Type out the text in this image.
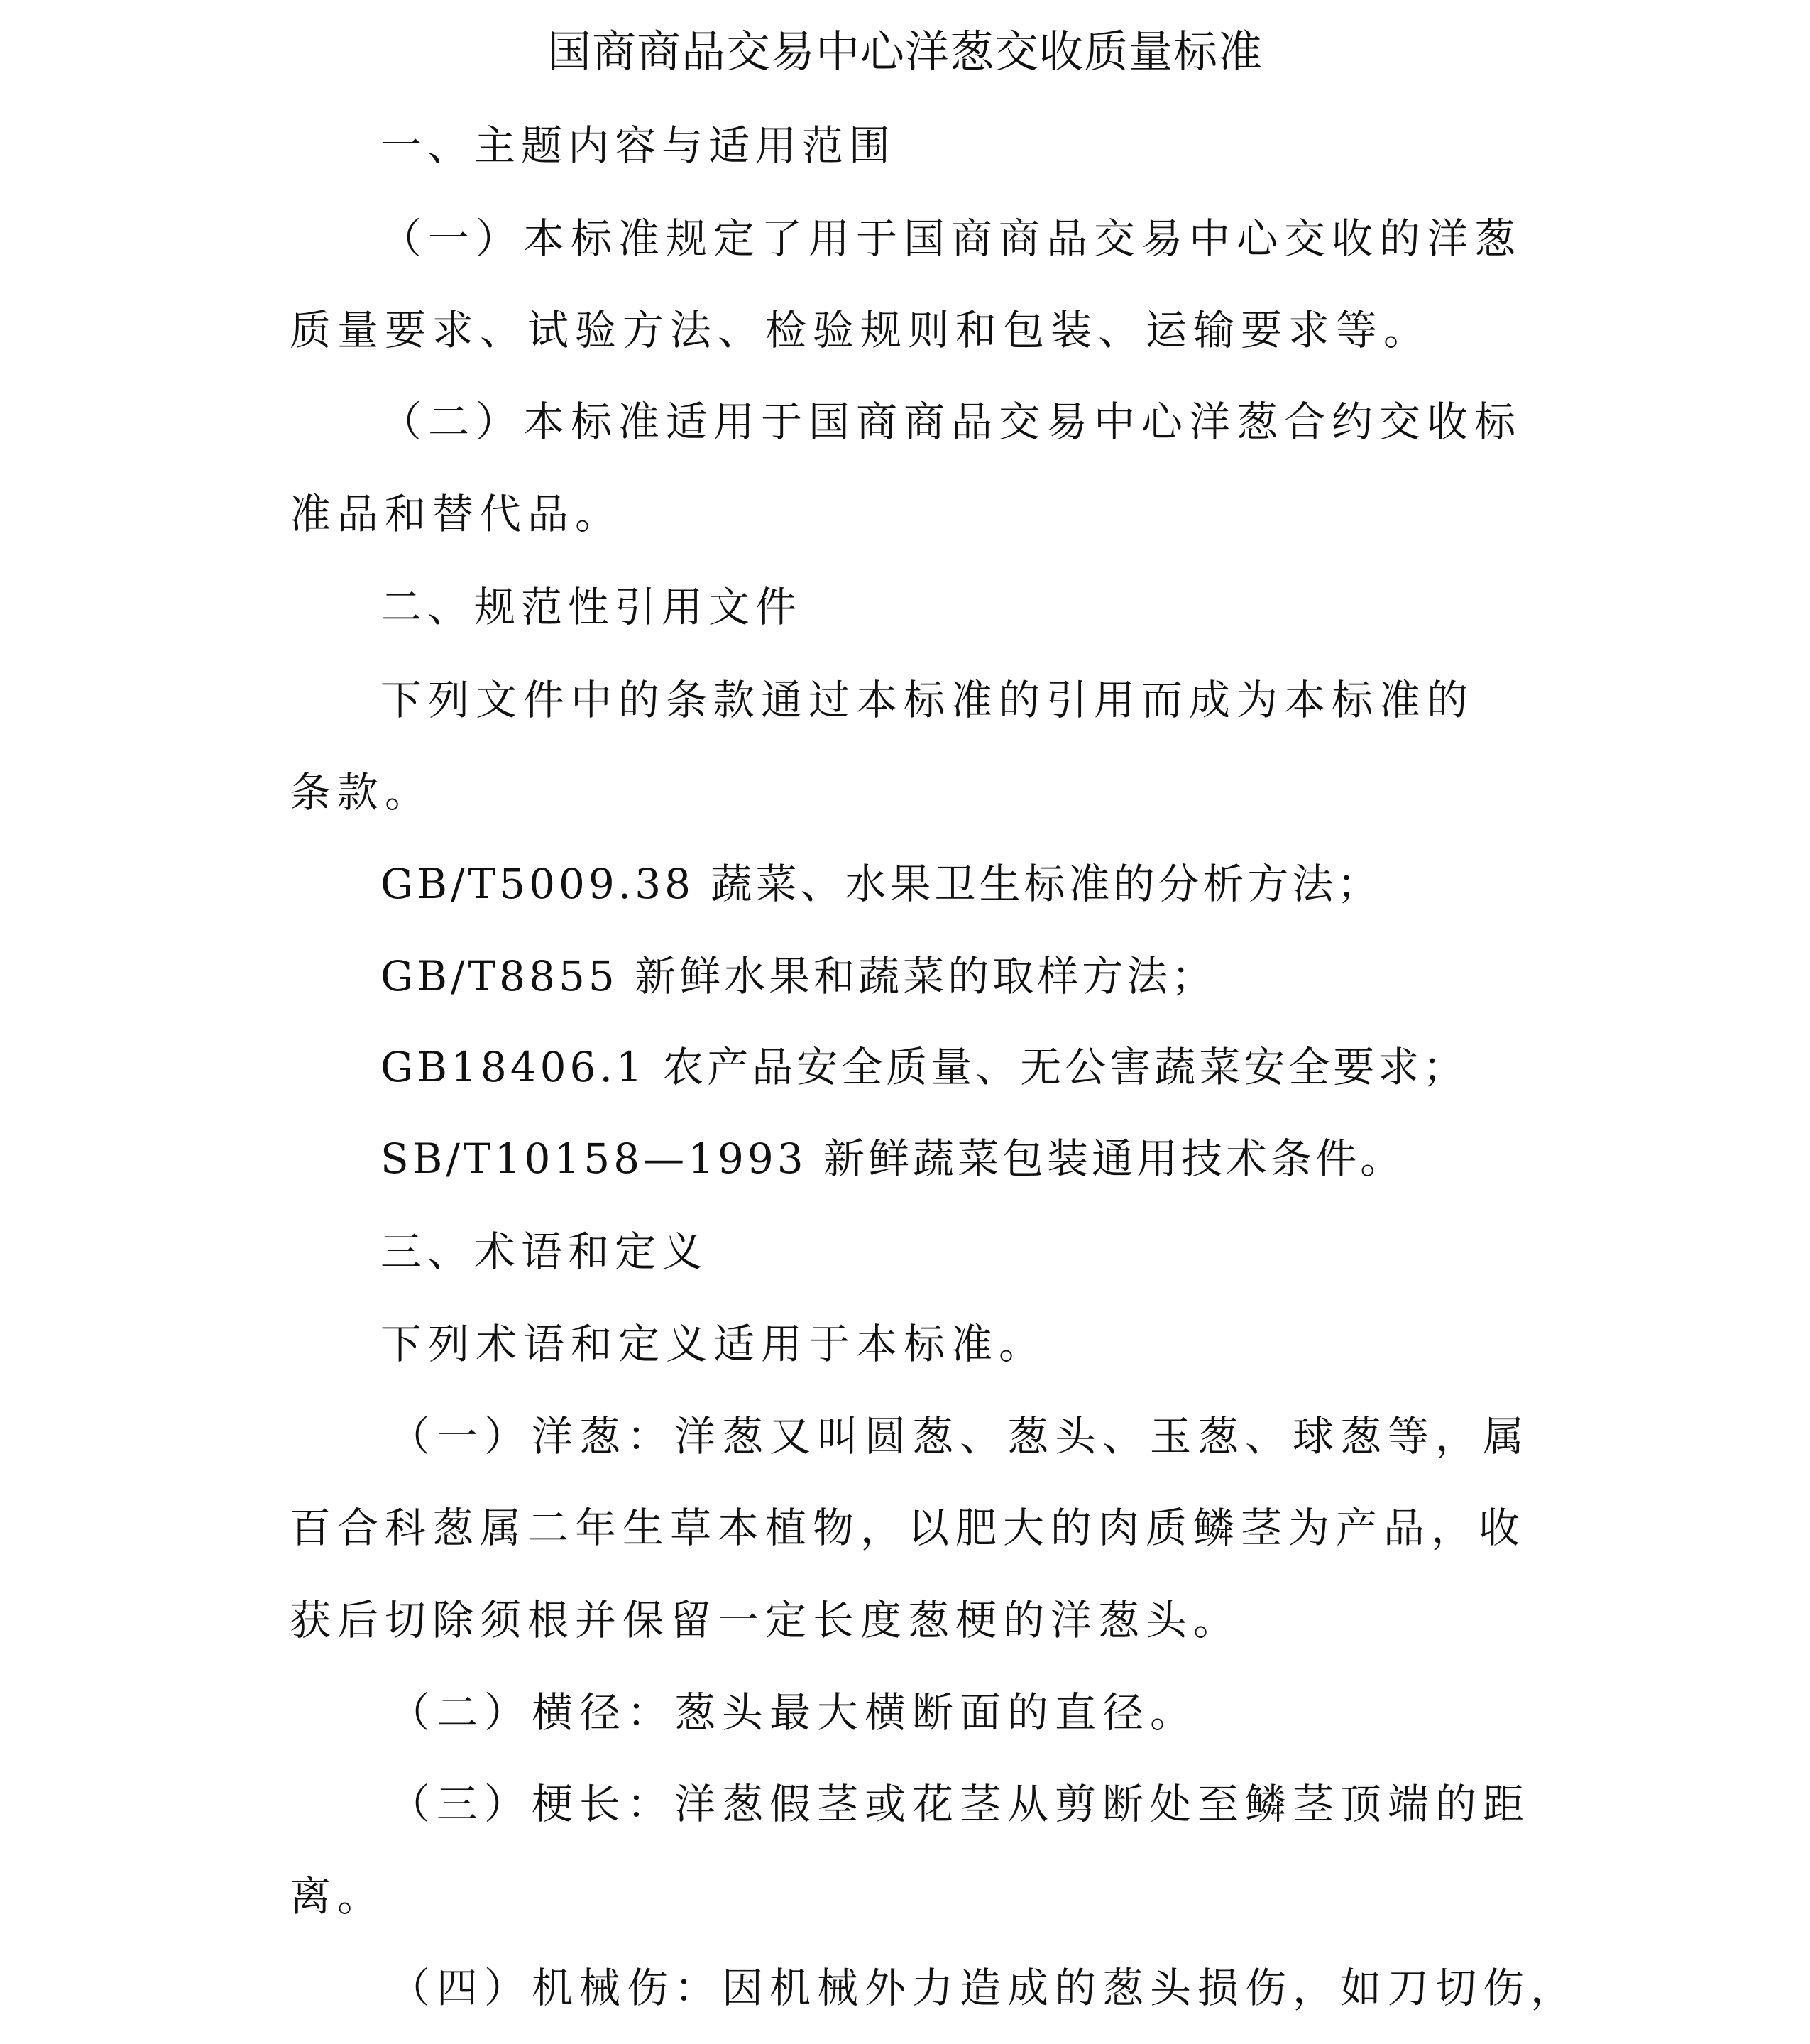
国商商品交易中心洋葱交收质量标准
一、主题内容与适用范围
（一）本标准规定了用于国商商品交易中心交收的洋葱
质量要求、试验方法、检验规则和包装、运输要求等。
（二）本标准适用于国商商品交易中心洋葱合约交收标
准品和替代品。
二、规范性引用文件
下列文件中的条款通过本标准的引用而成为本标准的
条款。
GB/T5009.38 蔬菜、水果卫生标准的分析方法；
GB/T8855 新鲜水果和蔬菜的取样方法；
GB18406.1 农产品安全质量、无公害蔬菜安全要求；
SB/T10158—1993 新鲜蔬菜包装通用技术条件。
三、术语和定义
下列术语和定义适用于本标准。
（一）洋葱：洋葱又叫圆葱、葱头、玉葱、球葱等，属
百合科葱属二年生草本植物，以肥大的肉质鳞茎为产品，收
获后切除须根并保留一定长度葱梗的洋葱头。
（二）横径：葱头最大横断面的直径。
（三）梗长：洋葱假茎或花茎从剪断处至鳞茎顶端的距
离。
（四）机械伤：因机械外力造成的葱头损伤，如刀切伤，
